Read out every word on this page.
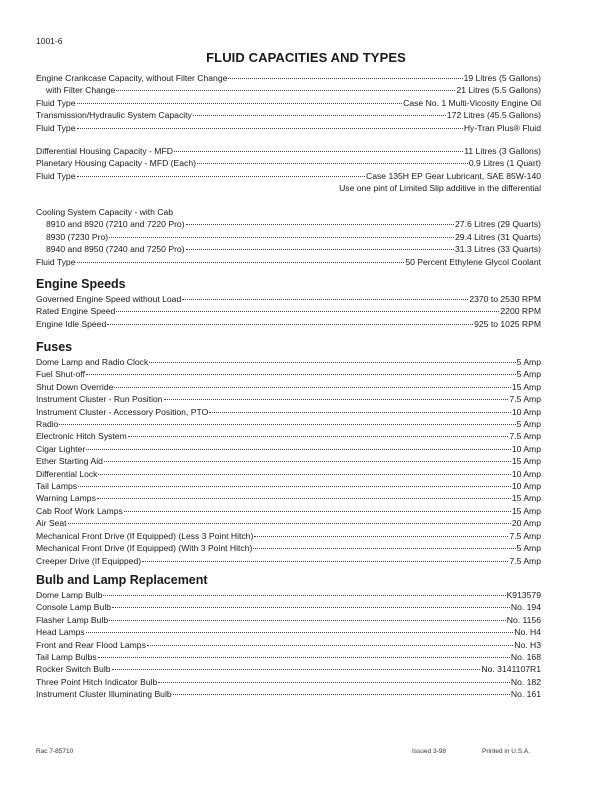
1001-6
FLUID CAPACITIES AND TYPES
Engine Crankcase Capacity, without Filter Change	19 Litres (5 Gallons)
with Filter Change	21 Litres (5.5 Gallons)
Fluid Type	Case No. 1 Multi-Vicosity Engine Oil
Transmission/Hydraulic System Capacity	172 Litres (45.5 Gallons)
Fluid Type	Hy-Tran Plus® Fluid
Differential Housing Capacity - MFD	11 Litres (3 Gallons)
Planetary Housing Capacity - MFD (Each)	0.9 Litres (1 Quart)
Fluid Type	Case 135H EP Gear Lubricant, SAE 85W-140
Use one pint of Limited Slip additive in the differential
Cooling System Capacity - with Cab
8910 and 8920 (7210 and 7220 Pro)	27.6 Litres (29 Quarts)
8930 (7230 Pro)	29.4 Litres (31 Quarts)
8940 and 8950 (7240 and 7250 Pro)	31.3 Litres (33 Quarts)
Fluid Type	50 Percent Ethylene Glycol Coolant
Engine Speeds
Governed Engine Speed without Load	2370 to 2530 RPM
Rated Engine Speed	2200 RPM
Engine Idle Speed	925 to 1025 RPM
Fuses
Dome Lamp and Radio Clock	5 Amp
Fuel Shut-off	5 Amp
Shut Down Override	15 Amp
Instrument Cluster - Run Position	7.5 Amp
Instrument Cluster - Accessory Position, PTO	10 Amp
Radio	5 Amp
Electronic Hitch System	7.5 Amp
Cigar Lighter	10 Amp
Ether Starting Aid	15 Amp
Differential Lock	10 Amp
Tail Lamps	10 Amp
Warning Lamps	15 Amp
Cab Roof Work Lamps	15 Amp
Air Seat	20 Amp
Mechanical Front Drive (If Equipped) (Less 3 Point Hitch)	7.5 Amp
Mechanical Front Drive (If Equipped) (With 3 Point Hitch)	5 Amp
Creeper Drive (If Equipped)	7.5 Amp
Bulb and Lamp Replacement
Dome Lamp Bulb	K913579
Console Lamp Bulb	No. 194
Flasher Lamp Bulb	No. 1156
Head Lamps	No. H4
Front and Rear Flood Lamps	No. H3
Tail Lamp Bulbs	No. 168
Rocker Switch Bulb	No. 3141107R1
Three Point Hitch Indicator Bulb	No. 182
Instrument Cluster Illuminating Bulb	No. 161
Rac 7-85710	Issued 3-98	Printed in U.S.A.
